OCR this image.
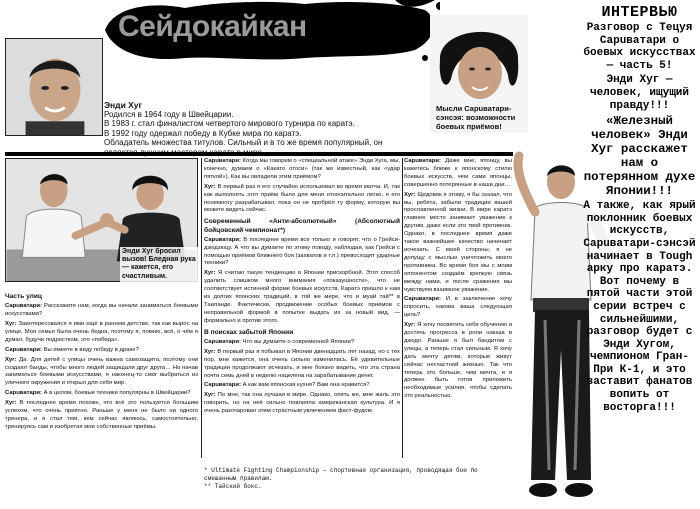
Сейдокайкан
Энди Хуг

Родился в 1964 году в Швейцарии.

В 1983 г. стал финалистом четвертого мирового турнира по каратэ.

В 1992 году одержал победу в Кубке мира по каратэ.

Обладатель множества титулов. Сильный и в то же время популярный, он

Мысли Сарuватари-сэнсэя: возможности боевых приёмов!
Энди Хуг бросил вызов! Бледная рука — кажется, его счастливым.
Часть улиц

Сарuватари: Расскажите нам, когда вы начали заниматься боевыми искусствами?

Хуг: Заинтересовался я ими ещё в раннем детстве, так как вырос на улице. Моя семья была очень бедна, поэтому я, помню, всё, о чём я думал, будучи подростком, это «победа».

Сарuватари: Вы имеете в виду победу в драке?

Хуг: Да. Для детей с улицы очень важна самозащита, поэтому они создают банды, чтобы много людей защищали друг друга… Но начав заниматься боевыми искусствами, я наконец-то смог выбраться из уличного окружения и открыл для себя мир.

Сарuватари: А в целом, боевые техники популярны в Швейцарии?

Хуг: В последнее время похоже, что всё это пользуется большим успехом, что очень приятно. Раньше у меня не было ни одного тренера, и я стал тем, кем сейчас являюсь, самостоятельно, тренируясь сам и изобретая мои собственные приёмы.

Сарuватари: Когда мы говорим о «специальной атаке» Энди Хуга, мы, конечно, думаем о «Какато отоси» (так же известный, как «удар пяткой»). Как вы овладели этим приёмом?

Хуг: В первый раз я его случайно использовал во время матча. И, так как выполнять этот приём было для меня относительно легко, я его понемногу разрабатывал, пока он не пробрёл ту форму, которую вы можете видеть сейчас.

Современный «Анти-абсолютный» (Абсолютный бойцовский чемпионат*)

Сарuватари: В последнее время все только и говорят, что о Грейси-дзюдзюцу. А что вы думаете по этому поводу, наблюдая, как Грейси с помощью приёмов ближнего боя (захватов и т.п.) превосходят ударные техники?

Хуг: Я считаю такую тенденцию в Японии прискорбной. Этот способ удалить слишком много внимания «показушности», что не соответствует истинной форме боевых искусств. Каратэ пришло к нам из долгих японских традиций, в той же мере, что и муай тай** в Таиланде. Фактически, продвижение особых боевых приёмов с неправильной формой в попытке выдать их за новый вид, — формально и против этого.

В поисках забытой Японии

Сарuватари: Что вы думаете о современной Японии?

Хуг: В первый раз я побывал в Японии двенадцать лет назад, но с тех пор, мне кажется, она очень сильно изменилась. Её удивительные традиции продолжают исчезать, и мне боязно видеть, что эта страна почти семь дней в неделю нацелена на зарабатывание денег.

Сарuватари: А как вам японская кухня? Вам она нравится?

Хуг: По мне, так она лучшая в мире. Однако, опять же, мне жаль это говорить, но на неё сильно повлияла американская культура. И я очень разочарован этим страстным увлечением фаст-фудом.

Сарuватари: Даже мне, японцу, вы кажетесь ближе к японскому стилю боевых искусств, чем сами японцы, совершенно потерянные в наши дни…

Хуг: Щедовок я этому, я бы сказал, что вы, ребята, забыли традиции вашей прославленной жизни. В мире каратэ главное место занимает уважение к другим, даже если это твой противник. Однако, в последнее время даже такое важнейшее качество начинает исчезать. С моей стороны, я не допущу с мыслью уничтожить моего противника. Во время боя мы с моим оппонентом создаём крепкую связь между нами, и после сражения мы чувствуем взаимное уважение.

Сарuватари: И в заключение хочу спросить, какова ваша следующая цель?

Хуг: Я хочу посвятить себя обучению и достичь прогресса в роли наказа в дзюдо. Раньше я был бандитом с улицы, а теперь стал сильным. Я хочу дать мечту детям, которые живут сейчас несчастной жизнью. Так что теперь это больше, чем мечта, и я должен быть готов приложить необходимые усилия, чтобы сделать это реальностью.

* Ultimate Fighting Championship — спортивная организация, проводящая бои по смешанным правилам.
** Тайский бокс.
ИНТЕРВЬЮ

Разговор с Тецуя Сарuватари о боевых искусствах — часть 5!

Энди Хуг — человек, ищущий правду!!!

«Железный человек» Энди Хуг расскажет нам о потерянном духе Японии!!!

А также, как ярый поклонник боевых искусств, Сарuватари-сэнсэй начинает в Tough арку про каратэ. Вот почему в пятой части этой серии встреч с сильнейшими, разговор будет с Энди Хугом, чемпионом Гран-При К-1, и это заставит фанатов вопить от восторга!!!
